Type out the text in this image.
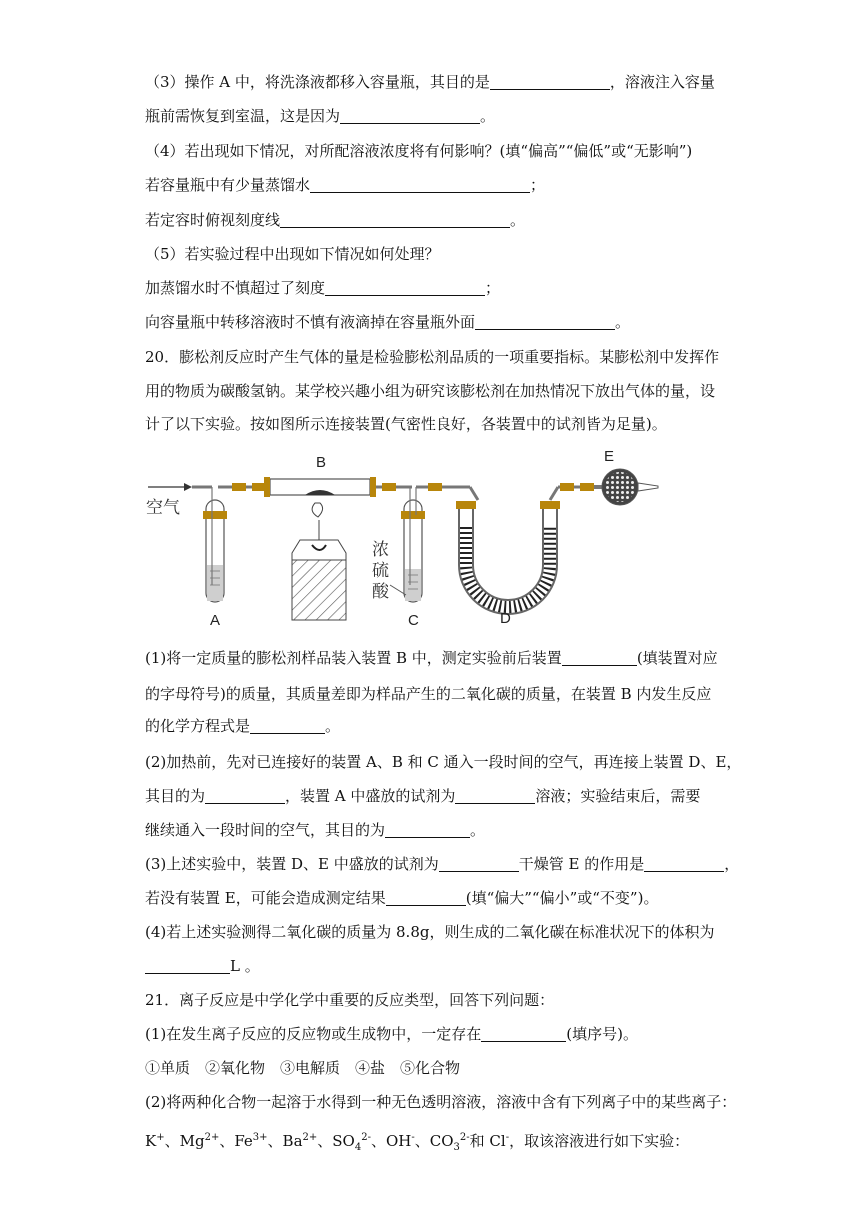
（3）操作 A 中，将洗涤液都移入容量瓶，其目的是	，溶液注入容量
瓶前需恢复到室温，这是因为	。
（4）若出现如下情况，对所配溶液浓度将有何影响？(填“偏高”“偏低”或“无影响”)
若容量瓶中有少量蒸馏水	；
若定容时俯视刻度线	。
（5）若实验过程中出现如下情况如何处理？
加蒸馏水时不慎超过了刻度	；
向容量瓶中转移溶液时不慎有液滴掉在容量瓶外面	。
20．膨松剂反应时产生气体的量是检验膨松剂品质的一项重要指标。某膨松剂中发挥作
用的物质为碳酸氢钠。某学校兴趣小组为研究该膨松剂在加热情况下放出气体的量，设
计了以下实验。按如图所示连接装置(气密性良好，各装置中的试剂皆为足量)。
空气
A
B
浓
硫
酸
C	D
E
(1)将一定质量的膨松剂样品装入装置 B 中，测定实验前后装置	(填装置对应
的字母符号)的质量，其质量差即为样品产生的二氧化碳的质量，在装置 B 内发生反应
的化学方程式是	。
(2)加热前，先对已连接好的装置 A、B 和 C 通入一段时间的空气，再连接上装置 D、E，
其目的为	，装置 A 中盛放的试剂为	溶液；实验结束后，需要
继续通入一段时间的空气，其目的为	。
(3)上述实验中，装置 D、E 中盛放的试剂为	干燥管 E 的作用是	，
若没有装置 E，可能会造成测定结果	(填“偏大”“偏小”或“不变”)。
(4)若上述实验测得二氧化碳的质量为 8.8g，则生成的二氧化碳在标准状况下的体积为
L 。
21．离子反应是中学化学中重要的反应类型，回答下列问题：
(1)在发生离子反应的反应物或生成物中，一定存在	(填序号)。
①单质　②氧化物　③电解质　④盐　⑤化合物
(2)将两种化合物一起溶于水得到一种无色透明溶液，溶液中含有下列离子中的某些离子：
K+、$Mg^{2+}$、$Fe^{3+}$、$Ba^{2+}$、$SO_4^{2-}$、OH-、$CO_3^{2-}$和 Cl-，取该溶液进行如下实验：
